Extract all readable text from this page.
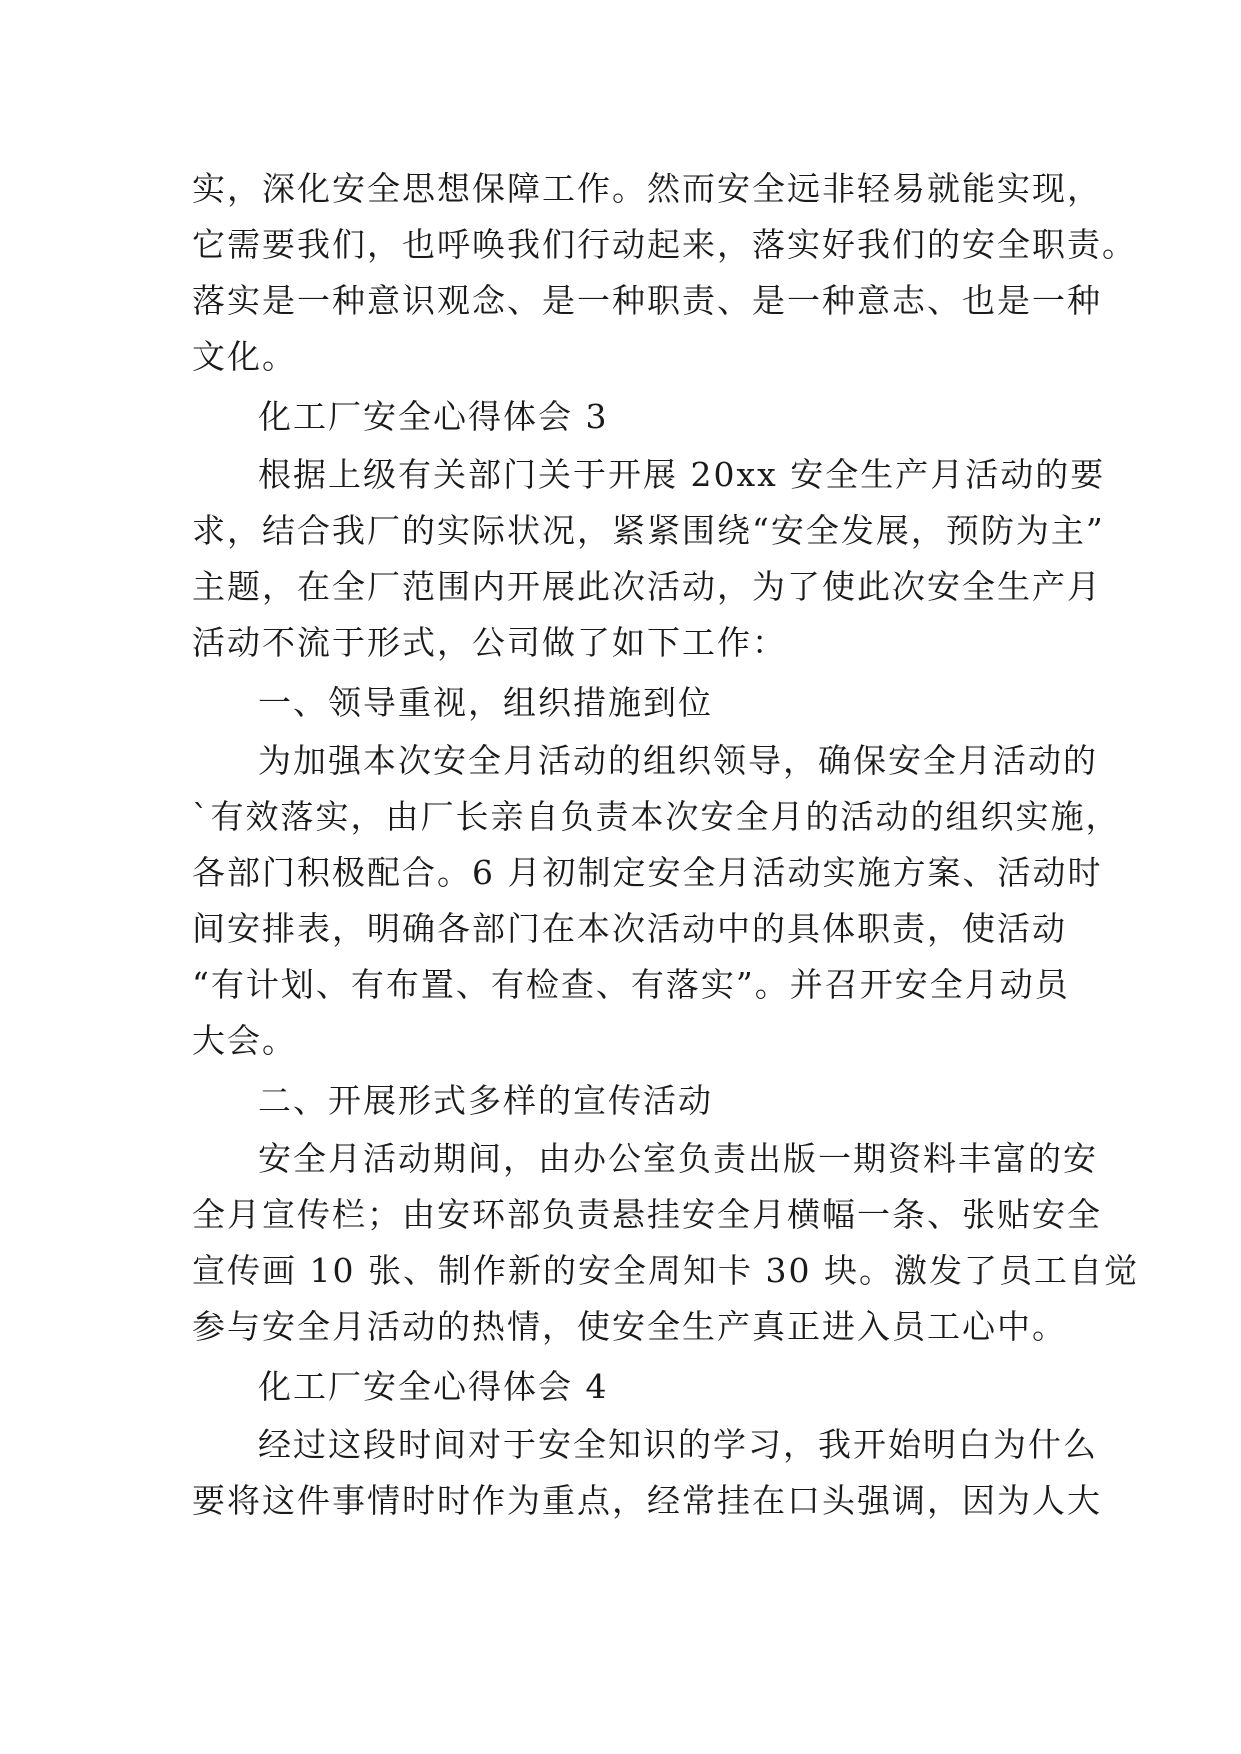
实，深化安全思想保障工作。然而安全远非轻易就能实现，

它需要我们，也呼唤我们行动起来，落实好我们的安全职责。

落实是一种意识观念、是一种职责、是一种意志、也是一种

文化。

化工厂安全心得体会 3

根据上级有关部门关于开展 20xx 安全生产月活动的要

求，结合我厂的实际状况，紧紧围绕“安全发展，预防为主”

主题，在全厂范围内开展此次活动，为了使此次安全生产月

活动不流于形式，公司做了如下工作：

一、领导重视，组织措施到位

为加强本次安全月活动的组织领导，确保安全月活动的

`有效落实，由厂长亲自负责本次安全月的活动的组织实施，

各部门积极配合。6 月初制定安全月活动实施方案、活动时

间安排表，明确各部门在本次活动中的具体职责，使活动

“有计划、有布置、有检查、有落实”。并召开安全月动员

大会。

二、开展形式多样的宣传活动

安全月活动期间，由办公室负责出版一期资料丰富的安

全月宣传栏；由安环部负责悬挂安全月横幅一条、张贴安全

宣传画 10 张、制作新的安全周知卡 30 块。激发了员工自觉

参与安全月活动的热情，使安全生产真正进入员工心中。

化工厂安全心得体会 4

经过这段时间对于安全知识的学习，我开始明白为什么

要将这件事情时时作为重点，经常挂在口头强调，因为人大
